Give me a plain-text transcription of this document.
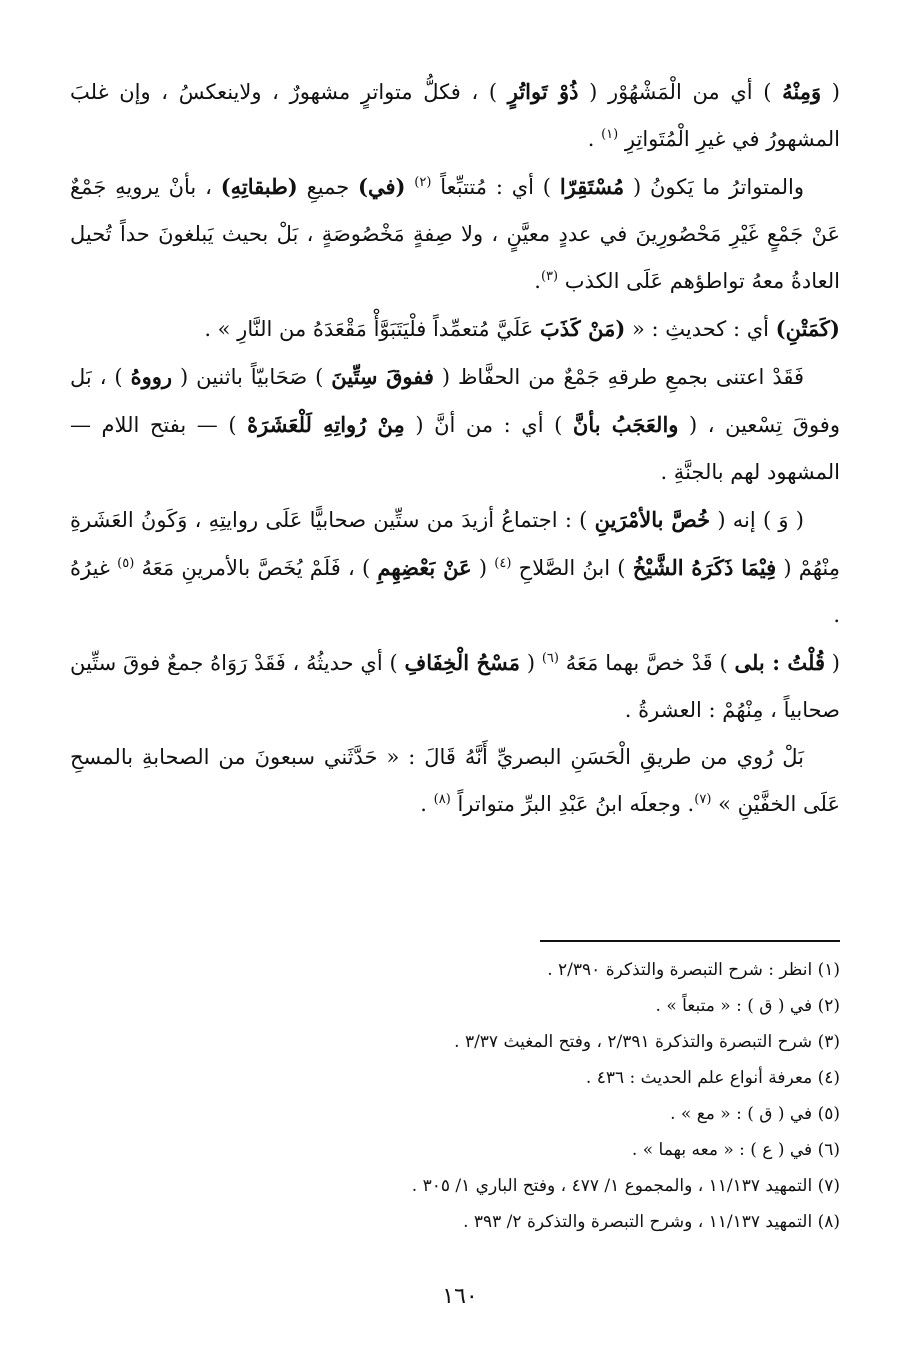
( وَمِنْهُ ) أي من الْمَشْهُوْر ( ذُوْ تَواتُرٍ ) ، فكلُّ متواترٍ مشهورٌ ، ولاينعكسُ ، وإن غلبَ المشهورُ في غيرِ الْمُتَواتِرِ $^{(١)}$ .

والمتواترُ ما يَكونُ ( مُسْتَقِرّا ) أي : مُتتبِّعاً $^{(٢)}$ (في) جميعِ (طبقاتِهِ) ، بأنْ يرويهِ جَمْعٌ عَنْ جَمْعٍ غَيْرِ مَحْصُورِينَ في عددٍ معيَّنٍ ، ولا صِفةٍ مَخْصُوصَةٍ ، بَلْ بحيث يَبلغونَ حداً تُحيل العادةُ معهُ تواطؤهم عَلَى الكذب $^{(٣)}$.

(كَمَتْنِ) أي : كحديثِ : « (مَنْ كَذَبَ عَلَيَّ مُتعمِّداً فلْيَتَبَوَّأْ مَقْعَدَهُ من النَّارِ » .

فَقَدْ اعتنى بجمعِ طرقهِ جَمْعٌ من الحفَّاظ ( ففوقَ سِتِّينَ ) صَحَابيّاً باثنين ( رووهُ ) ، بَل وفوقَ تِسْعين ، ( والعَجَبُ بأنَّ ) أي : من أنَّ ( مِنْ رُواتِهِ لَلْعَشَرَهْ ) — بفتح اللام — المشهود لهم بالجنَّةِ .

( وَ ) إنه ( خُصَّ بالأمْرَينِ ) : اجتماعُ أزيدَ من ستِّين صحابيًّا عَلَى روايتِهِ ، وَكَونُ العَشَرةِ مِنْهُمْ ( فِيْمَا ذَكَرَهُ الشَّيْخُ ) ابنُ الصَّلاحِ $^{(٤)}$ ( عَنْ بَعْضِهِمِ ) ، فَلَمْ يُخَصَّ بالأمرينِ مَعَهُ $^{(٥)}$ غيرُهُ .

( قُلْتُ : بلى ) قَدْ خصَّ بهما مَعَهُ $^{(٦)}$ ( مَسْحُ الْخِفَافِ ) أي حديثُهُ ، فَقَدْ رَوَاهُ جمعٌ فوقَ ستِّين صحابياً ، مِنْهُمْ : العشرةُ .

بَلْ رُوي من طريقِ الْحَسَنِ البصريِّ أَنَّهُ قَالَ : « حَدَّثَني سبعونَ من الصحابةِ بالمسحِ عَلَى الخفَّيْنِ » $^{(٧)}$. وجعلَه ابنُ عَبْدِ البرِّ متواتراً $^{(٨)}$ .

(١) انظر : شرح التبصرة والتذكرة ٢/٣٩٠ .

(٢) في ( ق ) : « متبعاً » .

(٣) شرح التبصرة والتذكرة ٢/٣٩١ ، وفتح المغيث ٣/٣٧ .

(٤) معرفة أنواع علم الحديث : ٤٣٦ .

(٥) في ( ق ) : « مع » .

(٦) في ( ع ) : « معه بهما » .

(٧) التمهيد ١١/١٣٧ ، والمجموع ١/ ٤٧٧ ، وفتح الباري ١/ ٣٠٥ .

(٨) التمهيد ١١/١٣٧ ، وشرح التبصرة والتذكرة ٢/ ٣٩٣ .

١٦٠
